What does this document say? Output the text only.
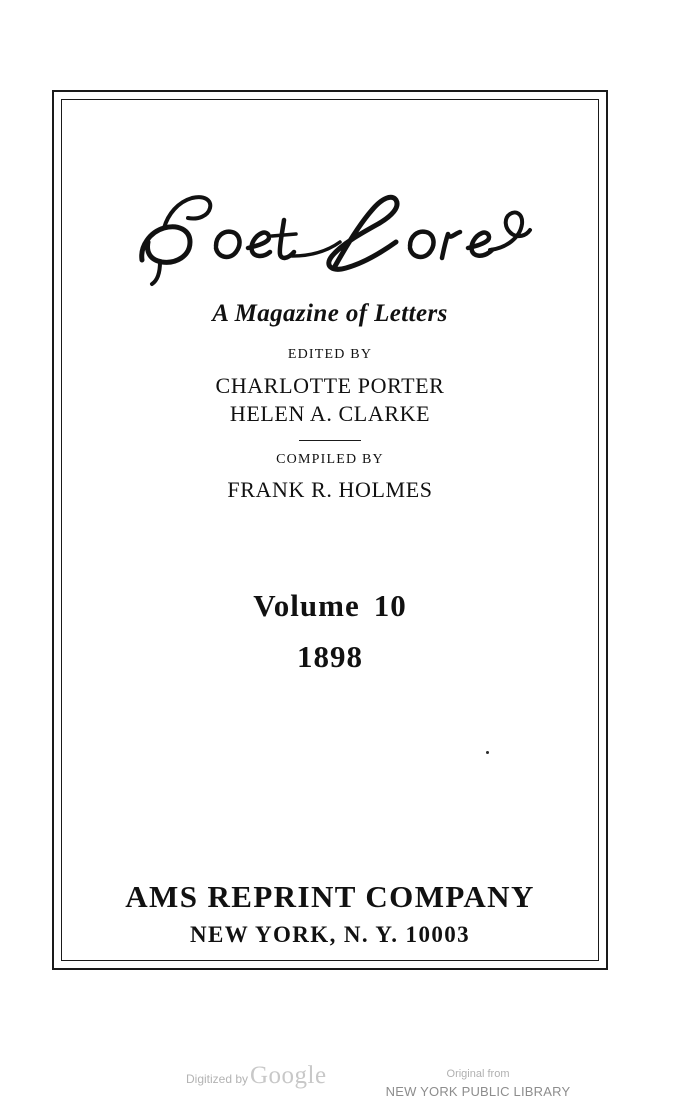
A Magazine of Letters
EDITED BY
CHARLOTTE PORTER
HELEN A. CLARKE
COMPILED BY
FRANK R. HOLMES
Volume 10
1898
AMS REPRINT COMPANY
NEW YORK, N. Y. 10003
Digitized by Google	Original from
NEW YORK PUBLIC LIBRARY
